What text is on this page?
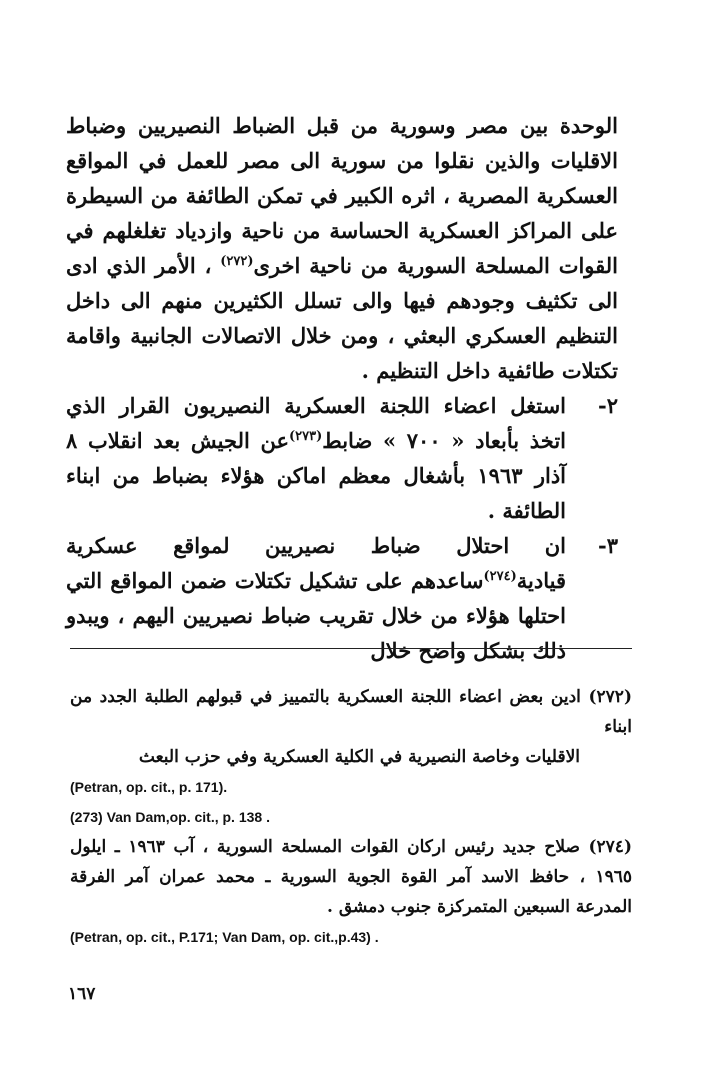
الوحدة بين مصر وسورية من قبل الضباط النصيريين وضباط الاقليات والذين نقلوا من سورية الى مصر للعمل في المواقع العسكرية المصرية ، اثره الكبير في تمكن الطائفة من السيطرة على المراكز العسكرية الحساسة من ناحية وازدياد تغلغلهم في القوات المسلحة السورية من ناحية اخرى$^{(٢٧٢)}$ ، الأمر الذي ادى الى تكثيف وجودهم فيها والى تسلل الكثيرين منهم الى داخل التنظيم العسكري البعثي ، ومن خلال الاتصالات الجانبية واقامة تكتلات طائفية داخل التنظيم .

٢-
استغل اعضاء اللجنة العسكرية النصيريون القرار الذي اتخذ بأبعاد « ٧٠٠ » ضابط$^{(٢٧٣)}$عن الجيش بعد انقلاب ٨ آذار ١٩٦٣ بأشغال معظم اماكن هؤلاء بضباط من ابناء الطائفة .

٣-
ان احتلال ضباط نصيريين لمواقع عسكرية قيادية$^{(٢٧٤)}$ساعدهم على تشكيل تكتلات ضمن المواقع التي احتلها هؤلاء من خلال تقريب ضباط نصيريين اليهم ، ويبدو ذلك بشكل واضح خلال

(٢٧٢) ادين بعض اعضاء اللجنة العسكرية بالتمييز في قبولهم الطلبة الجدد من ابناء
الاقليات وخاصة النصيرية في الكلية العسكرية وفي حزب البعث

(Petran, op. cit., p. 171).

(273) Van Dam,op. cit., p. 138 .

(٢٧٤) صلاح جديد رئيس اركان القوات المسلحة السورية ، آب ١٩٦٣ ـ ايلول ١٩٦٥ ، حافظ الاسد آمر القوة الجوية السورية ـ محمد عمران آمر الفرقة المدرعة السبعين المتمركزة جنوب دمشق .

(Petran, op. cit., P.171; Van Dam, op. cit.,p.43) .

١٦٧
